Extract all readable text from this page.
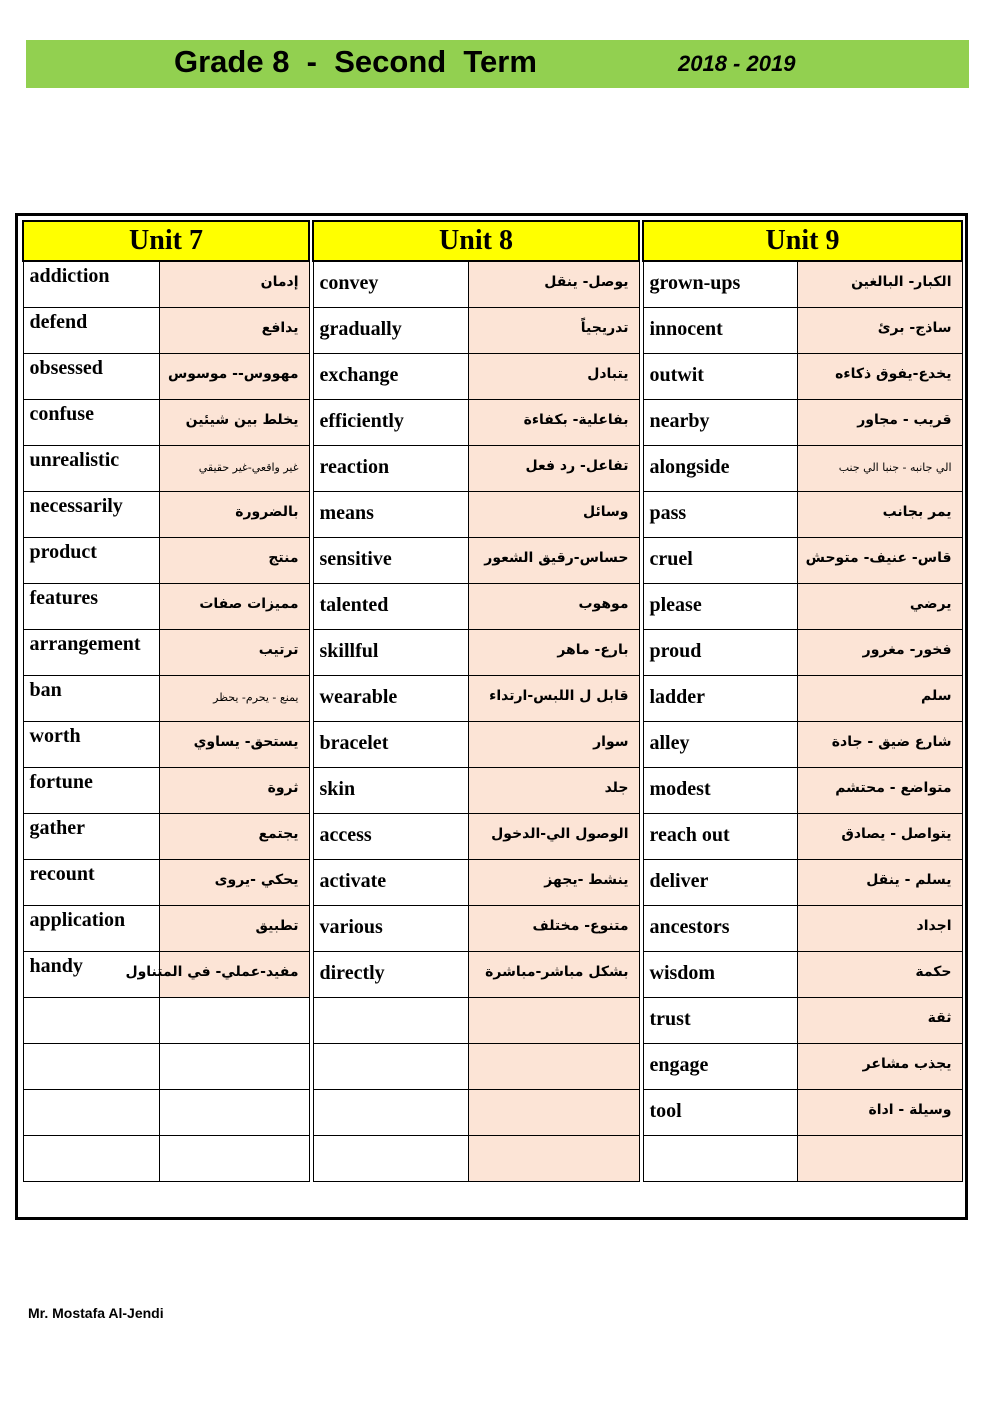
Grade 8  -  Second  Term	2018 - 2019
Unit 7	
addiction	إدمان
defend	يدافع
obsessed	مهووس-- موسوس
confuse	يخلط بين شيئين
unrealistic	غير واقعي-غير حقيقي
necessarily	بالضرورة
product	منتج
features	مميزات صفات
arrangement	ترتيب
ban	يمنع - يحرم- يحظر
worth	يستحق- يساوي
fortune	ثروة
gather	يجتمع
recount	يحكي -يروى
application	تطبيق
handy	مفيد-عملي- في المتناول

Unit 8	
convey	يوصل- ينقل
gradually	تدريجياً
exchange	يتبادل
efficiently	بفاعلية- بكفاءة
reaction	تفاعل- رد فعل
means	وسائل
sensitive	حساس-رقيق الشعور
talented	موهوب
skillful	بارع- ماهر
wearable	قابل ل اللبس-ارتداء
bracelet	سوار
skin	جلد
access	الوصول الي-الدخول
activate	ينشط -يجهز
various	متنوع- مختلف
directly	بشكل مباشر-مباشرة

Unit 9	
grown-ups	الكبار- البالغين
innocent	ساذج- برئ
outwit	يخدع-يفوق ذكاءه
nearby	قريب - مجاور
alongside	الي جانبه - جنبا الي جنب
pass	يمر بجانب
cruel	قاس- عنيف- متوحش
please	يرضي
proud	فخور- مغرور
ladder	سلم
alley	شارع ضيق - جادة
modest	متواضع - محتشم
reach out	يتواصل - يصادق
deliver	يسلم - ينقل
ancestors	اجداد
wisdom	حكمة
trust	ثقة
engage	يجذب مشاعر
tool	وسيلة - اداة

Mr. Mostafa Al-Jendi
